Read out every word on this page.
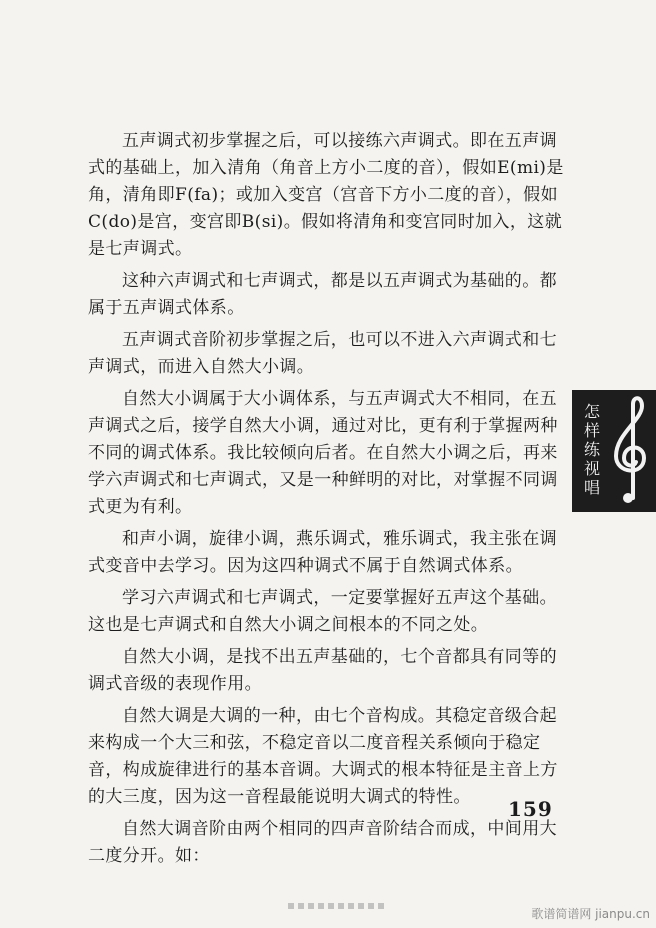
五声调式初步掌握之后，可以接练六声调式。即在五声调式的基础上，加入清角（角音上方小二度的音），假如E(mi)是角，清角即F(fa)；或加入变宫（宫音下方小二度的音），假如C(do)是宫，变宫即B(si)。假如将清角和变宫同时加入，这就是七声调式。

这种六声调式和七声调式，都是以五声调式为基础的。都属于五声调式体系。

五声调式音阶初步掌握之后，也可以不进入六声调式和七声调式，而进入自然大小调。

自然大小调属于大小调体系，与五声调式大不相同，在五声调式之后，接学自然大小调，通过对比，更有利于掌握两种不同的调式体系。我比较倾向后者。在自然大小调之后，再来学六声调式和七声调式，又是一种鲜明的对比，对掌握不同调式更为有利。

和声小调，旋律小调，燕乐调式，雅乐调式，我主张在调式变音中去学习。因为这四种调式不属于自然调式体系。

学习六声调式和七声调式，一定要掌握好五声这个基础。这也是七声调式和自然大小调之间根本的不同之处。

自然大小调，是找不出五声基础的，七个音都具有同等的调式音级的表现作用。

自然大调是大调的一种，由七个音构成。其稳定音级合起来构成一个大三和弦，不稳定音以二度音程关系倾向于稳定音，构成旋律进行的基本音调。大调式的根本特征是主音上方的大三度，因为这一音程最能说明大调式的特性。

自然大调音阶由两个相同的四声音阶结合而成，中间用大二度分开。如：

怎
样
练
视
唱
159
歌谱简谱网 jianpu.cn
